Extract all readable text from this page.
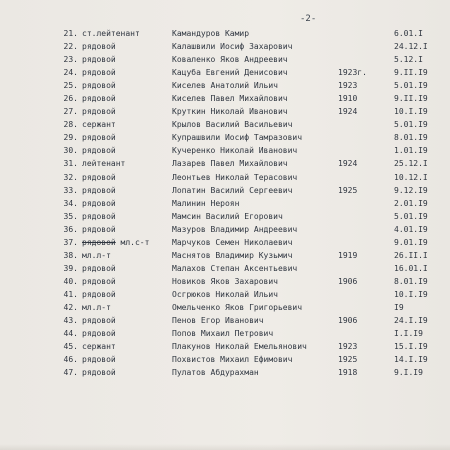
-2-
21. ст.лейтенант	Камандуров Камир	6.01.I
22. рядовой	Калашвили Иосиф Захарович	24.12.I
23. рядовой	Коваленко Яков Андреевич	5.12.I
24. рядовой	Кацуба Евгений Денисович	1923г.	9.II.I9
25. рядовой	Киселев Анатолий Ильич	1923	5.01.I9
26. рядовой	Киселев Павел Михайлович	1910	9.II.I9
27. рядовой	Круткин Николай Иванович	1924	10.I.I9
28. сержант	Крылов Василий Васильевич	5.01.I9
29. рядовой	Купрашвили Иосиф Тамразович	8.01.I9
30. рядовой	Кучеренко Николай Иванович	1.01.I9
31. лейтенант	Лазарев Павел Михайлович	1924	25.12.I
32. рядовой	Леонтьев Николай Терасович	10.12.I
33. рядовой	Лопатин Василий Сергеевич	1925	9.12.I9
34. рядовой	Малинин Нероян	2.01.I9
35. рядовой	Мамсин Василий Егорович	5.01.I9
36. рядовой	Мазуров Владимир Андреевич	4.01.I9
37. рядовой мл.с-т	Марчуков Семен Николаевич	9.01.I9
38. мл.л-т	Маснятов Владимир Кузьмич	1919	26.II.I
39. рядовой	Малахов Степан Аксентьевич	16.01.I
40. рядовой	Новиков Яков Захарович	1906	8.01.I9
41. рядовой	Осгрюков Николай Ильич	10.I.I9
42. мл.л-т	Омельченко Яков Григорьевич	I9
43. рядовой	Пенов Егор Иванович	1906	24.I.I9
44. рядовой	Попов Михаил Петрович	I.I.I9
45. сержант	Плакунов Николай Емельянович	1923	15.I.I9
46. рядовой	Похвистов Михаил Ефимович	1925	14.I.I9
47. рядовой	Пулатов Абдурахман	1918	9.I.I9
